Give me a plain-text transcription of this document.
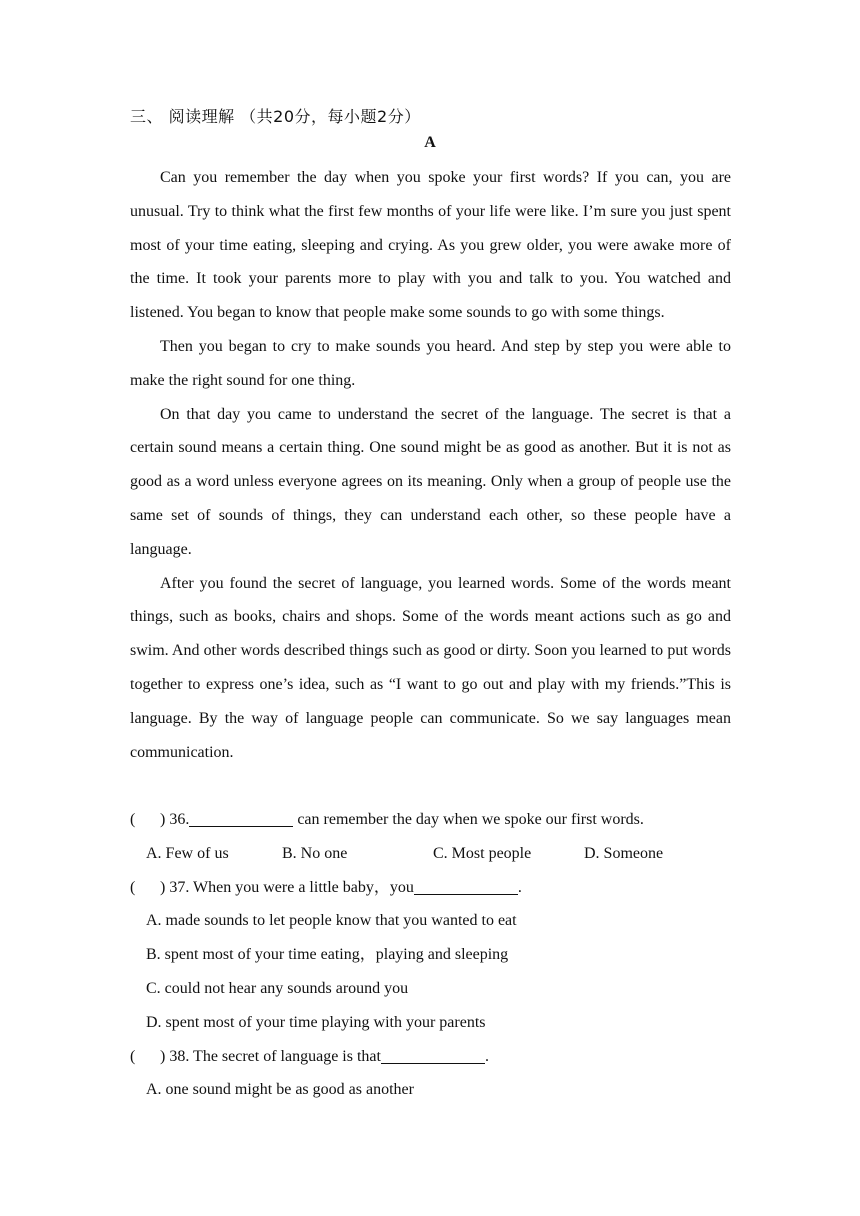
三、 阅读理解 （共20分，每小题2分）
A

Can you remember the day when you spoke your first words? If you can, you are unusual. Try to think what the first few months of your life were like. I’m sure you just spent most of your time eating, sleeping and crying. As you grew older, you were awake more of the time. It took your parents more to play with you and talk to you. You watched and listened. You began to know that people make some sounds to go with some things.

Then you began to cry to make sounds you heard. And step by step you were able to make the right sound for one thing.

On that day you came to understand the secret of the language. The secret is that a certain sound means a certain thing. One sound might be as good as another. But it is not as good as a word unless everyone agrees on its meaning. Only when a group of people use the same set of sounds of things, they can understand each other, so these people have a language.

After you found the secret of language, you learned words. Some of the words meant things, such as books, chairs and shops. Some of the words meant actions such as go and swim. And other words described things such as good or dirty. Soon you learned to put words together to express one’s idea, such as “I want to go out and play with my friends.”This is language. By the way of language people can communicate. So we say languages mean communication.

( ) 36.	can remember the day when we spoke our first words.
A. Few of us	B. No one	C. Most people	D. Someone
( ) 37. When you were a little baby，you	.
A. made sounds to let people know that you wanted to eat
B. spent most of your time eating，playing and sleeping
C. could not hear any sounds around you
D. spent most of your time playing with your parents
( ) 38. The secret of language is that	.
A. one sound might be as good as another
